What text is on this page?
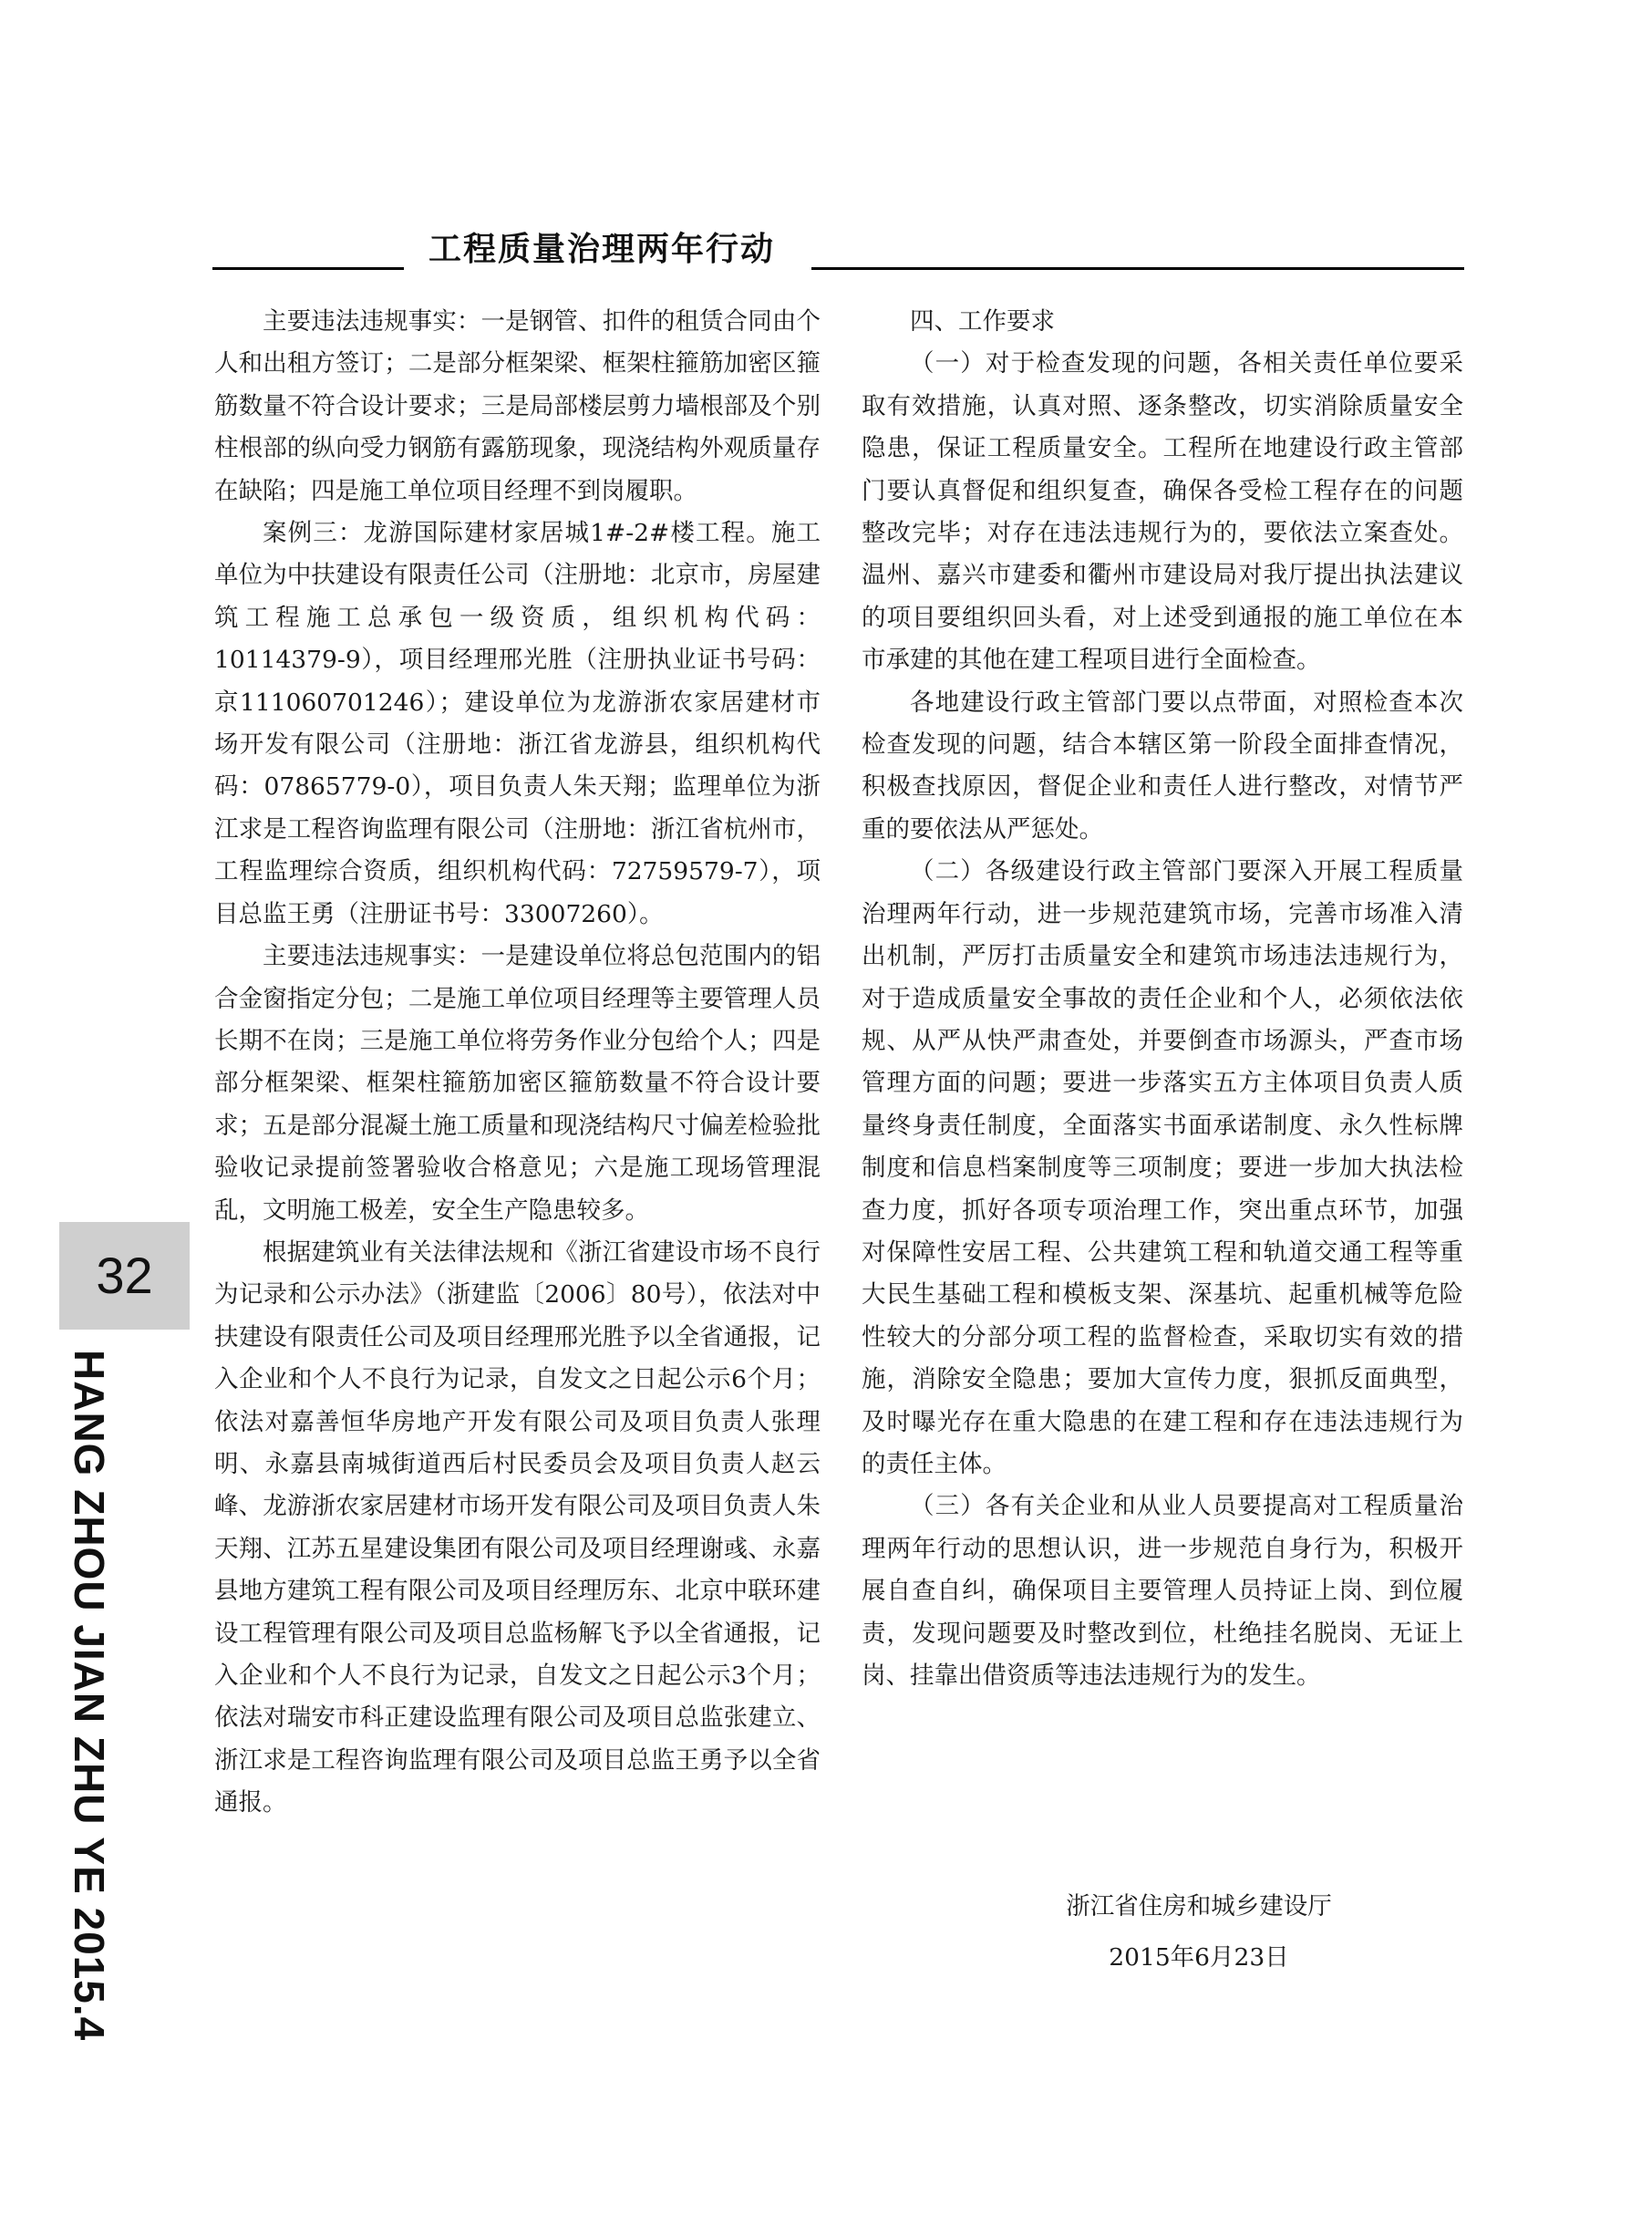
工程质量治理两年行动

主要违法违规事实：一是钢管、扣件的租赁合同由个人和出租方签订；二是部分框架梁、框架柱箍筋加密区箍筋数量不符合设计要求；三是局部楼层剪力墙根部及个别柱根部的纵向受力钢筋有露筋现象，现浇结构外观质量存在缺陷；四是施工单位项目经理不到岗履职。

案例三：龙游国际建材家居城1#-2#楼工程。施工单位为中扶建设有限责任公司（注册地：北京市，房屋建筑工程施工总承包一级资质，组织机构代码：10114379-9），项目经理邢光胜（注册执业证书号码：京111060701246）；建设单位为龙游浙农家居建材市场开发有限公司（注册地：浙江省龙游县，组织机构代码：07865779-0），项目负责人朱天翔；监理单位为浙江求是工程咨询监理有限公司（注册地：浙江省杭州市，工程监理综合资质，组织机构代码：72759579-7），项目总监王勇（注册证书号：33007260）。

主要违法违规事实：一是建设单位将总包范围内的铝合金窗指定分包；二是施工单位项目经理等主要管理人员长期不在岗；三是施工单位将劳务作业分包给个人；四是部分框架梁、框架柱箍筋加密区箍筋数量不符合设计要求；五是部分混凝土施工质量和现浇结构尺寸偏差检验批验收记录提前签署验收合格意见；六是施工现场管理混乱，文明施工极差，安全生产隐患较多。

根据建筑业有关法律法规和《浙江省建设市场不良行为记录和公示办法》（浙建监〔2006〕80号），依法对中扶建设有限责任公司及项目经理邢光胜予以全省通报，记入企业和个人不良行为记录，自发文之日起公示6个月；依法对嘉善恒华房地产开发有限公司及项目负责人张理明、永嘉县南城街道西后村民委员会及项目负责人赵云峰、龙游浙农家居建材市场开发有限公司及项目负责人朱天翔、江苏五星建设集团有限公司及项目经理谢彧、永嘉县地方建筑工程有限公司及项目经理厉东、北京中联环建设工程管理有限公司及项目总监杨解飞予以全省通报，记入企业和个人不良行为记录，自发文之日起公示3个月；依法对瑞安市科正建设监理有限公司及项目总监张建立、浙江求是工程咨询监理有限公司及项目总监王勇予以全省通报。

四、工作要求

（一）对于检查发现的问题，各相关责任单位要采取有效措施，认真对照、逐条整改，切实消除质量安全隐患，保证工程质量安全。工程所在地建设行政主管部门要认真督促和组织复查，确保各受检工程存在的问题整改完毕；对存在违法违规行为的，要依法立案查处。温州、嘉兴市建委和衢州市建设局对我厅提出执法建议的项目要组织回头看，对上述受到通报的施工单位在本市承建的其他在建工程项目进行全面检查。

各地建设行政主管部门要以点带面，对照检查本次检查发现的问题，结合本辖区第一阶段全面排查情况，积极查找原因，督促企业和责任人进行整改，对情节严重的要依法从严惩处。

（二）各级建设行政主管部门要深入开展工程质量治理两年行动，进一步规范建筑市场，完善市场准入清出机制，严厉打击质量安全和建筑市场违法违规行为，对于造成质量安全事故的责任企业和个人，必须依法依规、从严从快严肃查处，并要倒查市场源头，严查市场管理方面的问题；要进一步落实五方主体项目负责人质量终身责任制度，全面落实书面承诺制度、永久性标牌制度和信息档案制度等三项制度；要进一步加大执法检查力度，抓好各项专项治理工作，突出重点环节，加强对保障性安居工程、公共建筑工程和轨道交通工程等重大民生基础工程和模板支架、深基坑、起重机械等危险性较大的分部分项工程的监督检查，采取切实有效的措施，消除安全隐患；要加大宣传力度，狠抓反面典型，及时曝光存在重大隐患的在建工程和存在违法违规行为的责任主体。

（三）各有关企业和从业人员要提高对工程质量治理两年行动的思想认识，进一步规范自身行为，积极开展自查自纠，确保项目主要管理人员持证上岗、到位履责，发现问题要及时整改到位，杜绝挂名脱岗、无证上岗、挂靠出借资质等违法违规行为的发生。

浙江省住房和城乡建设厅
2015年6月23日
32
HANG ZHOU JIAN ZHU YE 2015.4
